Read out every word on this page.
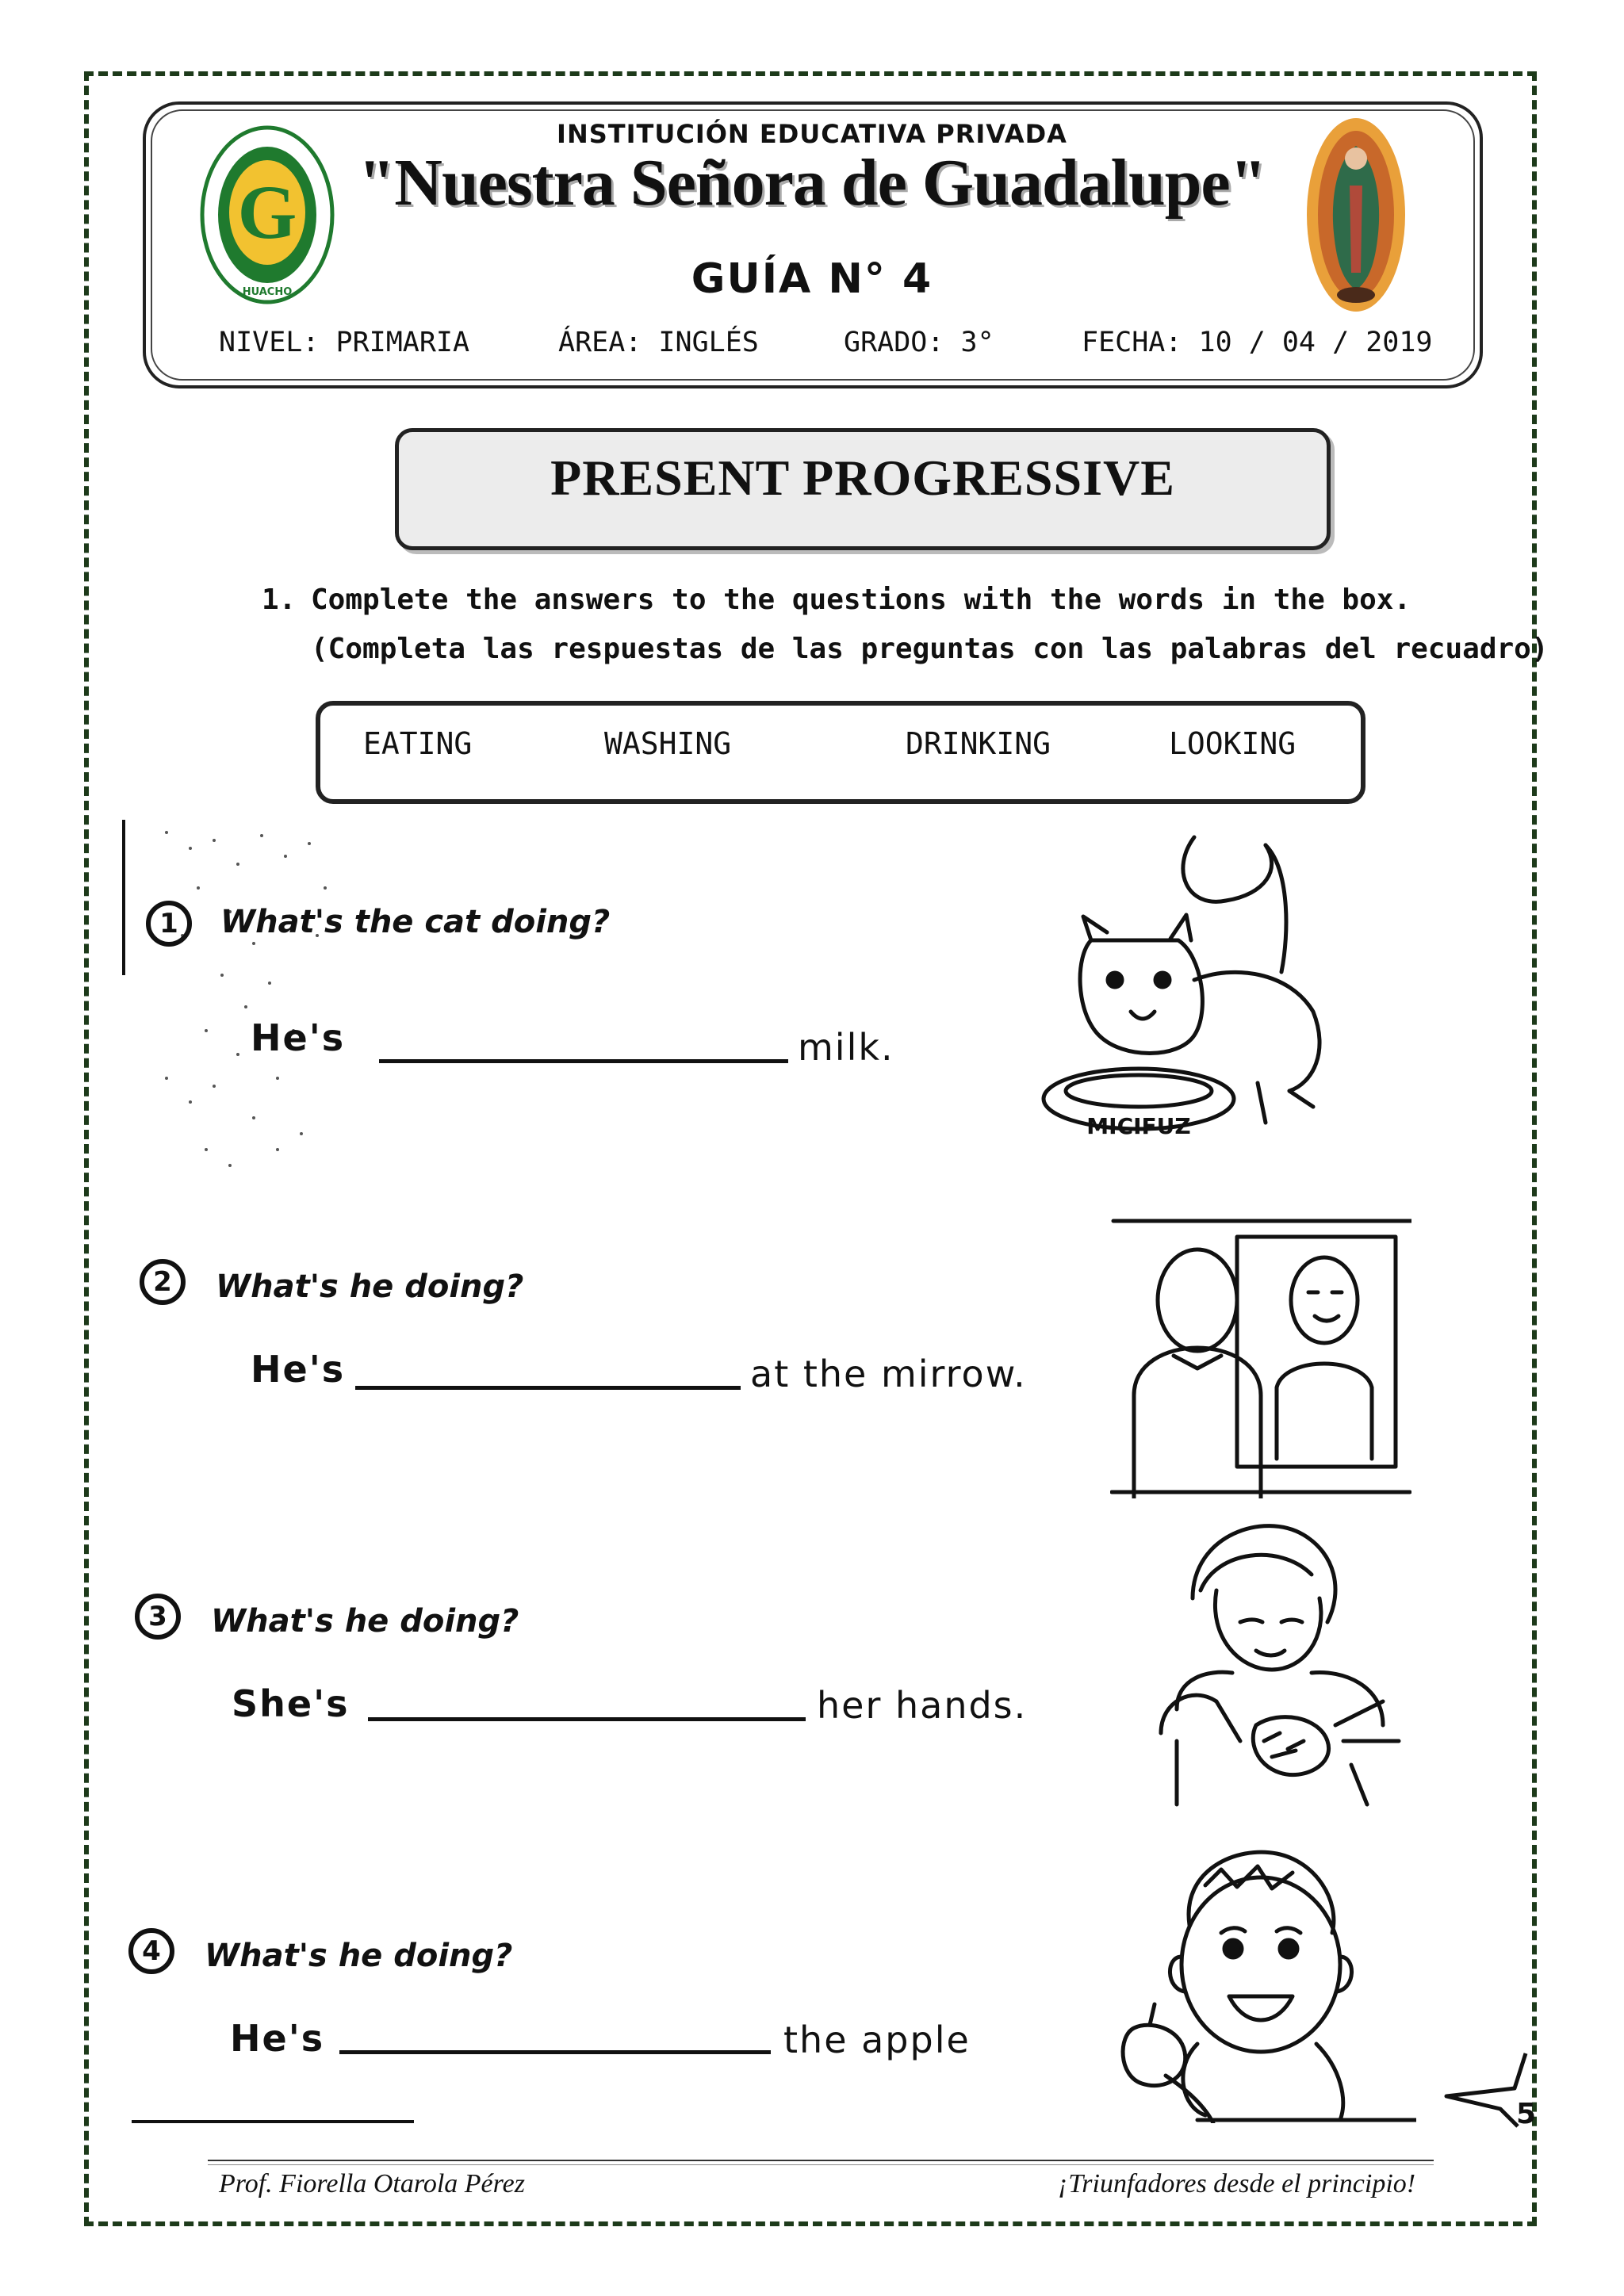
G
HUACHO
INSTITUCIÓN EDUCATIVA PRIVADA
"Nuestra Señora de Guadalupe"
GUÍA N° 4
NIVEL: PRIMARIA	ÁREA: INGLÉS	GRADO: 3°	FECHA: 10 / 04 / 2019
PRESENT PROGRESSIVE
1. Complete the answers to the questions with the words in the box.
(Completa las respuestas de las preguntas con las palabras del recuadro)
EATING	WASHING	DRINKING	LOOKING
1	What's the cat doing?
He's	milk.
MICIFUZ
2	What's he doing?
He's	at the mirrow.
3	What's he doing?
She's	her hands.
4	What's he doing?
He's	the apple
5
Prof. Fiorella Otarola Pérez	¡Triunfadores desde el principio!
